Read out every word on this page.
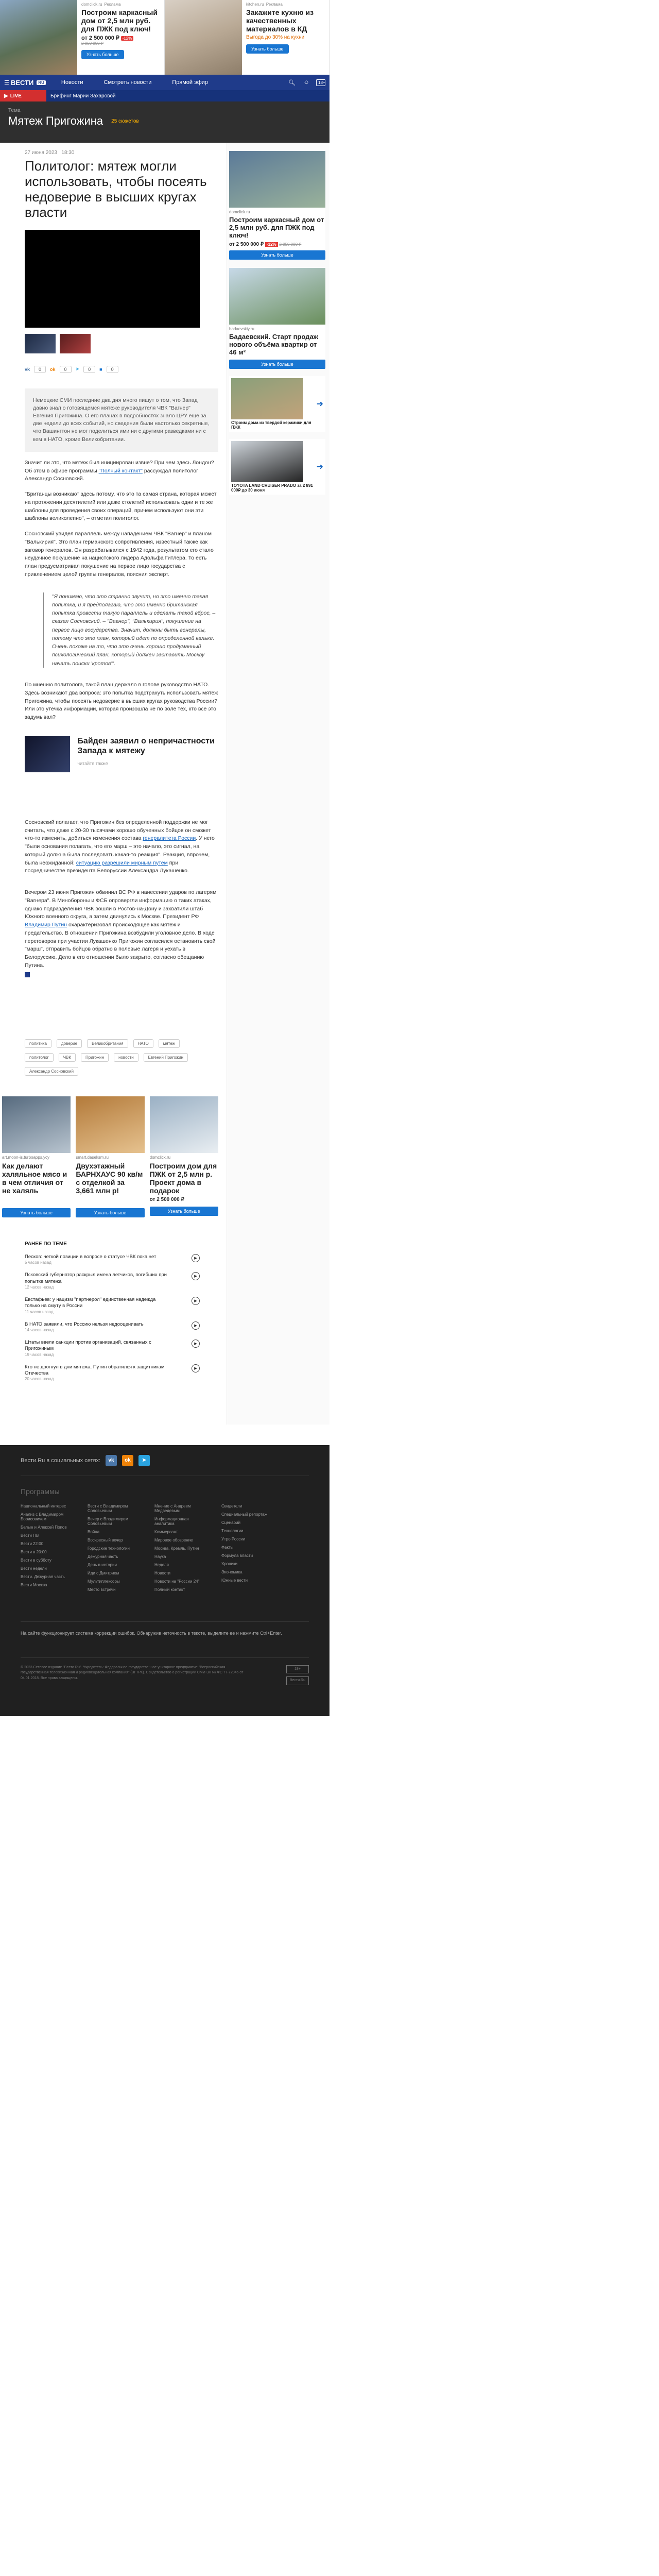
domclick.ru Реклама
Построим каркасный дом от 2,5 млн руб. для ПЖК под ключ!
от 2 500 000 ₽ -12%
2 850 000 ₽
Узнать больше
kitchen.ru Реклама
Закажите кухню из качественных материалов в КД
Выгода до 30% на кухни
Узнать больше
☰
ВЕСТИ	RU	Новости	Смотреть новости	Прямой эфир	🔍︎	☺	18+
▶ LIVE	Брифинг Марии Захаровой
Тема
Мятеж Пригожина 25 сюжетов
27 июня 2023 18:30
Политолог: мятеж могли использовать, чтобы посеять недоверие в высших кругах власти
vk	0	ok	0	➤	0	■	0
Немецкие СМИ последние два дня много пишут о том, что Запад давно знал о готовящемся мятеже руководителя ЧВК "Вагнер" Евгения Пригожина. О его планах в подробностях знало ЦРУ еще за две недели до всех событий, но сведения были настолько секретные, что Вашингтон не мог поделиться ими ни с другими разведками ни с кем в НАТО, кроме Великобритании.

Значит ли это, что мятеж был инициирован извне? При чем здесь Лондон? Об этом в эфире программы "Полный контакт" рассуждал политолог Александр Сосновский.

"Британцы возникают здесь потому, что это та самая страна, которая может на протяжении десятилетий или даже столетий использовать одни и те же шаблоны для проведения своих операций, причем используют они эти шаблоны великолепно", – отметил политолог.

Сосновский увидел параллель между нападением ЧВК "Вагнер" и планом "Валькирия". Это план германского сопротивления, известный также как заговор генералов. Он разрабатывался с 1942 года, результатом его стало неудачное покушение на нацистского лидера Адольфа Гитлера. То есть план предусматривал покушение на первое лицо государства с привлечением целой группы генералов, пояснил эксперт.

"Я понимаю, что это странно звучит, но это именно такая попытка, и я предполагаю, что это именно британская попытка провести такую параллель и сделать такой вброс, – сказал Сосновский. – "Вагнер", "Валькирия", покушение на первое лицо государства. Значит, должны быть генералы, потому что это план, который идет по определенной кальке. Очень похоже на то, что это очень хорошо продуманный психологический план, который должен заставить Москву начать поиски 'кротов'".

По мнению политолога, такой план держало в голове руководство НАТО. Здесь возникают два вопроса: это попытка подстрахуть использовать мятеж Пригожина, чтобы посеять недоверие в высших кругах руководства России? Или это утечка информации, которая произошла не по воле тех, кто все это задумывал?

Байден заявил о непричастности Запада к мятежу
читайте также

Сосновский полагает, что Пригожин без определенной поддержки не мог считать, что даже с 20-30 тысячами хорошо обученных бойцов он сможет что-то изменить, добиться изменения состава генералитета России. У него "были основания полагать, что его марш – это начало, это сигнал, на который должна была последовать какая-то реакция". Реакция, впрочем, была неожиданной: ситуацию разрешили мирным путем при посредничестве президента Белоруссии Александра Лукашенко.

Вечером 23 июня Пригожин обвинил ВС РФ в нанесении ударов по лагерям "Вагнера". В Минобороны и ФСБ опровергли информацию о таких атаках, однако подразделения ЧВК вошли в Ростов-на-Дону и захватили штаб Южного военного округа, а затем двинулись к Москве. Президент РФ Владимир Путин охарактеризовал происходящее как мятеж и предательство. В отношении Пригожина возбудили уголовное дело. В ходе переговоров при участии Лукашенко Пригожин согласился остановить свой "марш", отправить бойцов обратно в полевые лагеря и уехать в Белоруссию. Дело в его отношении было закрыто, согласно обещанию Путина.

политика	доверие	Великобритания	НАТО	мятеж
политолог	ЧВК	Пригожин	новости	Евгений Пригожин
Александр Сосновский
art.moon-is.turboapps.ycy
Как делают халяльное мясо и в чем отличия от не халяль
Узнать больше
smart.daseksm.ru
Двухэтажный БАРНХАУС 90 кв/м с отделкой за 3,661 млн р!
Узнать больше
domclick.ru
Построим дом для ПЖК от 2,5 млн р. Проект дома в подарок
от 2 500 000 ₽
Узнать больше
РАНЕЕ ПО ТЕМЕ
Песков: четкой позиции в вопросе о статусе ЧВК пока нет
5 часов назад
▶
Псковский губернатор раскрыл имена летчиков, погибших при попытке мятежа
12 часов назад
▶
Евстафьев: у нацизм "партнерол" единственная надежда только на смуту в России
11 часов назад
▶
В НАТО заявили, что Россию нельзя недооценивать
14 часов назад
▶
Штаты ввели санкции против организаций, связанных с Пригожиным
19 часов назад
▶
Кто не дрогнул в дни мятежа. Путин обратился к защитникам Отечества
20 часов назад
▶
domclick.ru
Построим каркасный дом от 2,5 млн руб. для ПЖК под ключ!
от 2 500 000 ₽ -12% 2 850 000 ₽
Узнать больше
badaevskiy.ru
Бадаевский. Старт продаж нового объёма квартир от 46 м²
Узнать больше
Строим дома из твердой керамики для ПЖК
➜
TOYOTA LAND CRUISER PRADO за 2 891 000₽ до 30 июня
➜
Вести.Ru в социальных сетях:	vk	ok	➤
Программы
Национальный интерес
Анализ с Владимиром Борисовичем
Белые и Алексей Попов
Вести ПВ
Вести 22:00
Вести в 20:00
Вести в субботу
Вести недели
Вести. Дежурная часть
Вести Москва
Вести с Владимиром Соловьевым
Вечер с Владимиром Соловьевым
Война
Воскресный вечер
Городские технологии
Дежурная часть
День в истории
Иди с Дмитрием
Мультиплексоры
Место встречи
Мнение с Андреем Медведевым
Информационная аналитика
Коммерсант
Мировое обозрение
Москва. Кремль. Путин
Наука
Неделя
Новости
Новости на "России 24"
Полный контакт
Свидетели
Специальный репортаж
Сценарий
Технологии
Утро России
Факты
Формула власти
Хроники
Экономика
Южные вести
На сайте функционирует система коррекции ошибок. Обнаружив неточность в тексте, выделите ее и нажмите Ctrl+Enter.
© 2023 Сетевое издание "Вести.Ru". Учредитель: Федеральное государственное унитарное предприятие "Всероссийская государственная телевизионная и радиовещательная компания" (ВГТРК). Свидетельство о регистрации СМИ ЭЛ № ФС 77-72046 от 04.01.2018. Все права защищены.
18+
Вести.Ru
